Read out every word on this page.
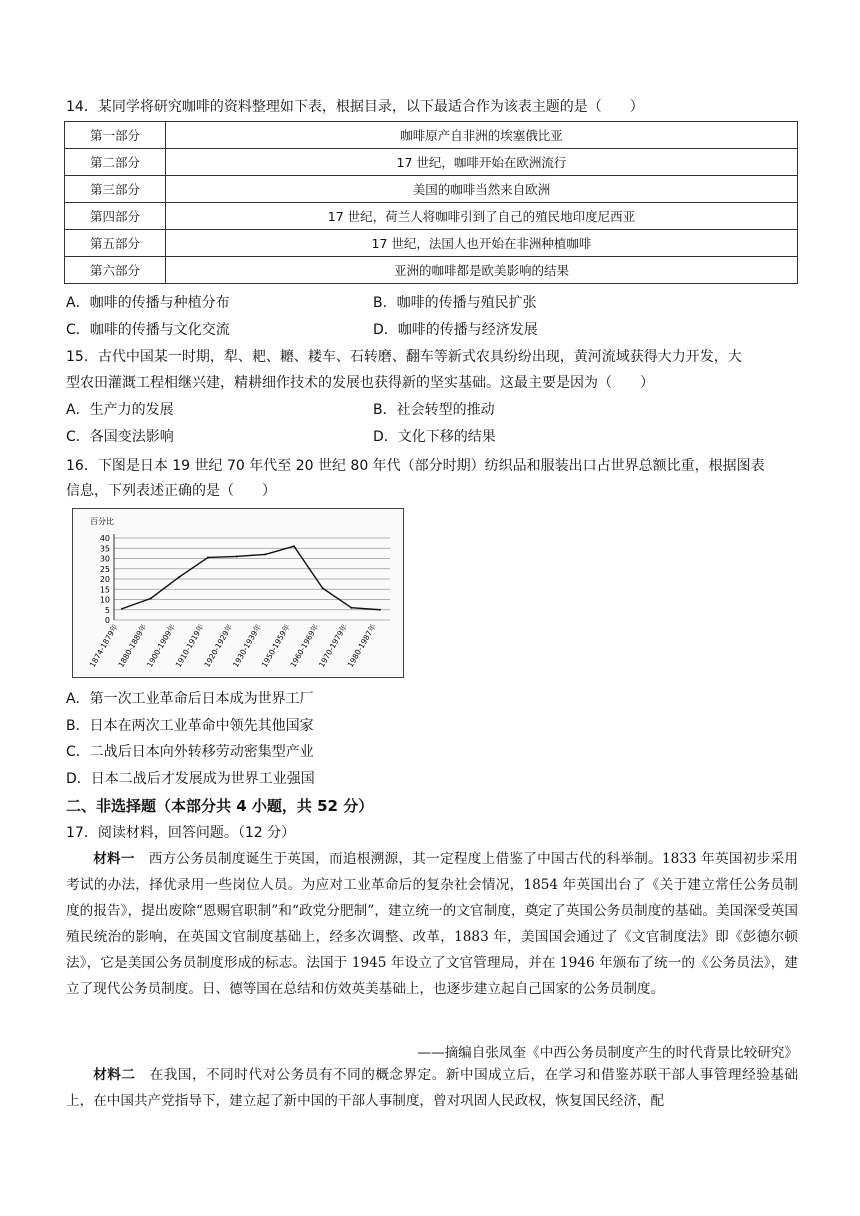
14．某同学将研究咖啡的资料整理如下表，根据目录，以下最适合作为该表主题的是（　　）
第一部分	咖啡原产自非洲的埃塞俄比亚
第二部分	17 世纪，咖啡开始在欧洲流行
第三部分	美国的咖啡当然来自欧洲
第四部分	17 世纪，荷兰人将咖啡引到了自己的殖民地印度尼西亚
第五部分	17 世纪，法国人也开始在非洲种植咖啡
第六部分	亚洲的咖啡都是欧美影响的结果
A．咖啡的传播与种植分布	B．咖啡的传播与殖民扩张
C．咖啡的传播与文化交流	D．咖啡的传播与经济发展
15．古代中国某一时期，犁、耙、耱、耧车、石转磨、翻车等新式农具纷纷出现，黄河流域获得大力开发，大
型农田灌溉工程相继兴建，精耕细作技术的发展也获得新的坚实基础。这最主要是因为（　　）
A．生产力的发展	B．社会转型的推动
C．各国变法影响	D．文化下移的结果
16．下图是日本 19 世纪 70 年代至 20 世纪 80 年代（部分时期）纺织品和服装出口占世界总额比重，根据图表
信息，下列表述正确的是（　　）
百分比
0
5
10
15
20
25
30
35
40
1874-1879年
1880-1889年
1900-1909年
1910-1919年
1920-1929年
1930-1939年
1950-1959年
1960-1969年
1970-1979年
1980-1987年
A．第一次工业革命后日本成为世界工厂
B．日本在两次工业革命中领先其他国家
C．二战后日本向外转移劳动密集型产业
D．日本二战后才发展成为世界工业强国
二、非选择题（本部分共 4 小题，共 52 分）
17．阅读材料，回答问题。（12 分）
材料一　 西方公务员制度诞生于英国，而追根溯源，其一定程度上借鉴了中国古代的科举制。1833 年英国初步采用考试的办法，择优录用一些岗位人员。为应对工业革命后的复杂社会情况，1854 年英国出台了《关于建立常任公务员制度的报告》，提出废除“恩赐官职制”和“政党分肥制”，建立统一的文官制度，奠定了英国公务员制度的基础。美国深受英国殖民统治的影响，在英国文官制度基础上，经多次调整、改革，1883 年，美国国会通过了《文官制度法》即《彭德尔顿法》，它是美国公务员制度形成的标志。法国于 1945 年设立了文官管理局，并在 1946 年颁布了统一的《公务员法》，建立了现代公务员制度。日、德等国在总结和仿效英美基础上，也逐步建立起自己国家的公务员制度。
——摘编自张凤奎《中西公务员制度产生的时代背景比较研究》
材料二　 在我国，不同时代对公务员有不同的概念界定。新中国成立后，在学习和借鉴苏联干部人事管理经验基础上，在中国共产党指导下，建立起了新中国的干部人事制度，曾对巩固人民政权，恢复国民经济，配
